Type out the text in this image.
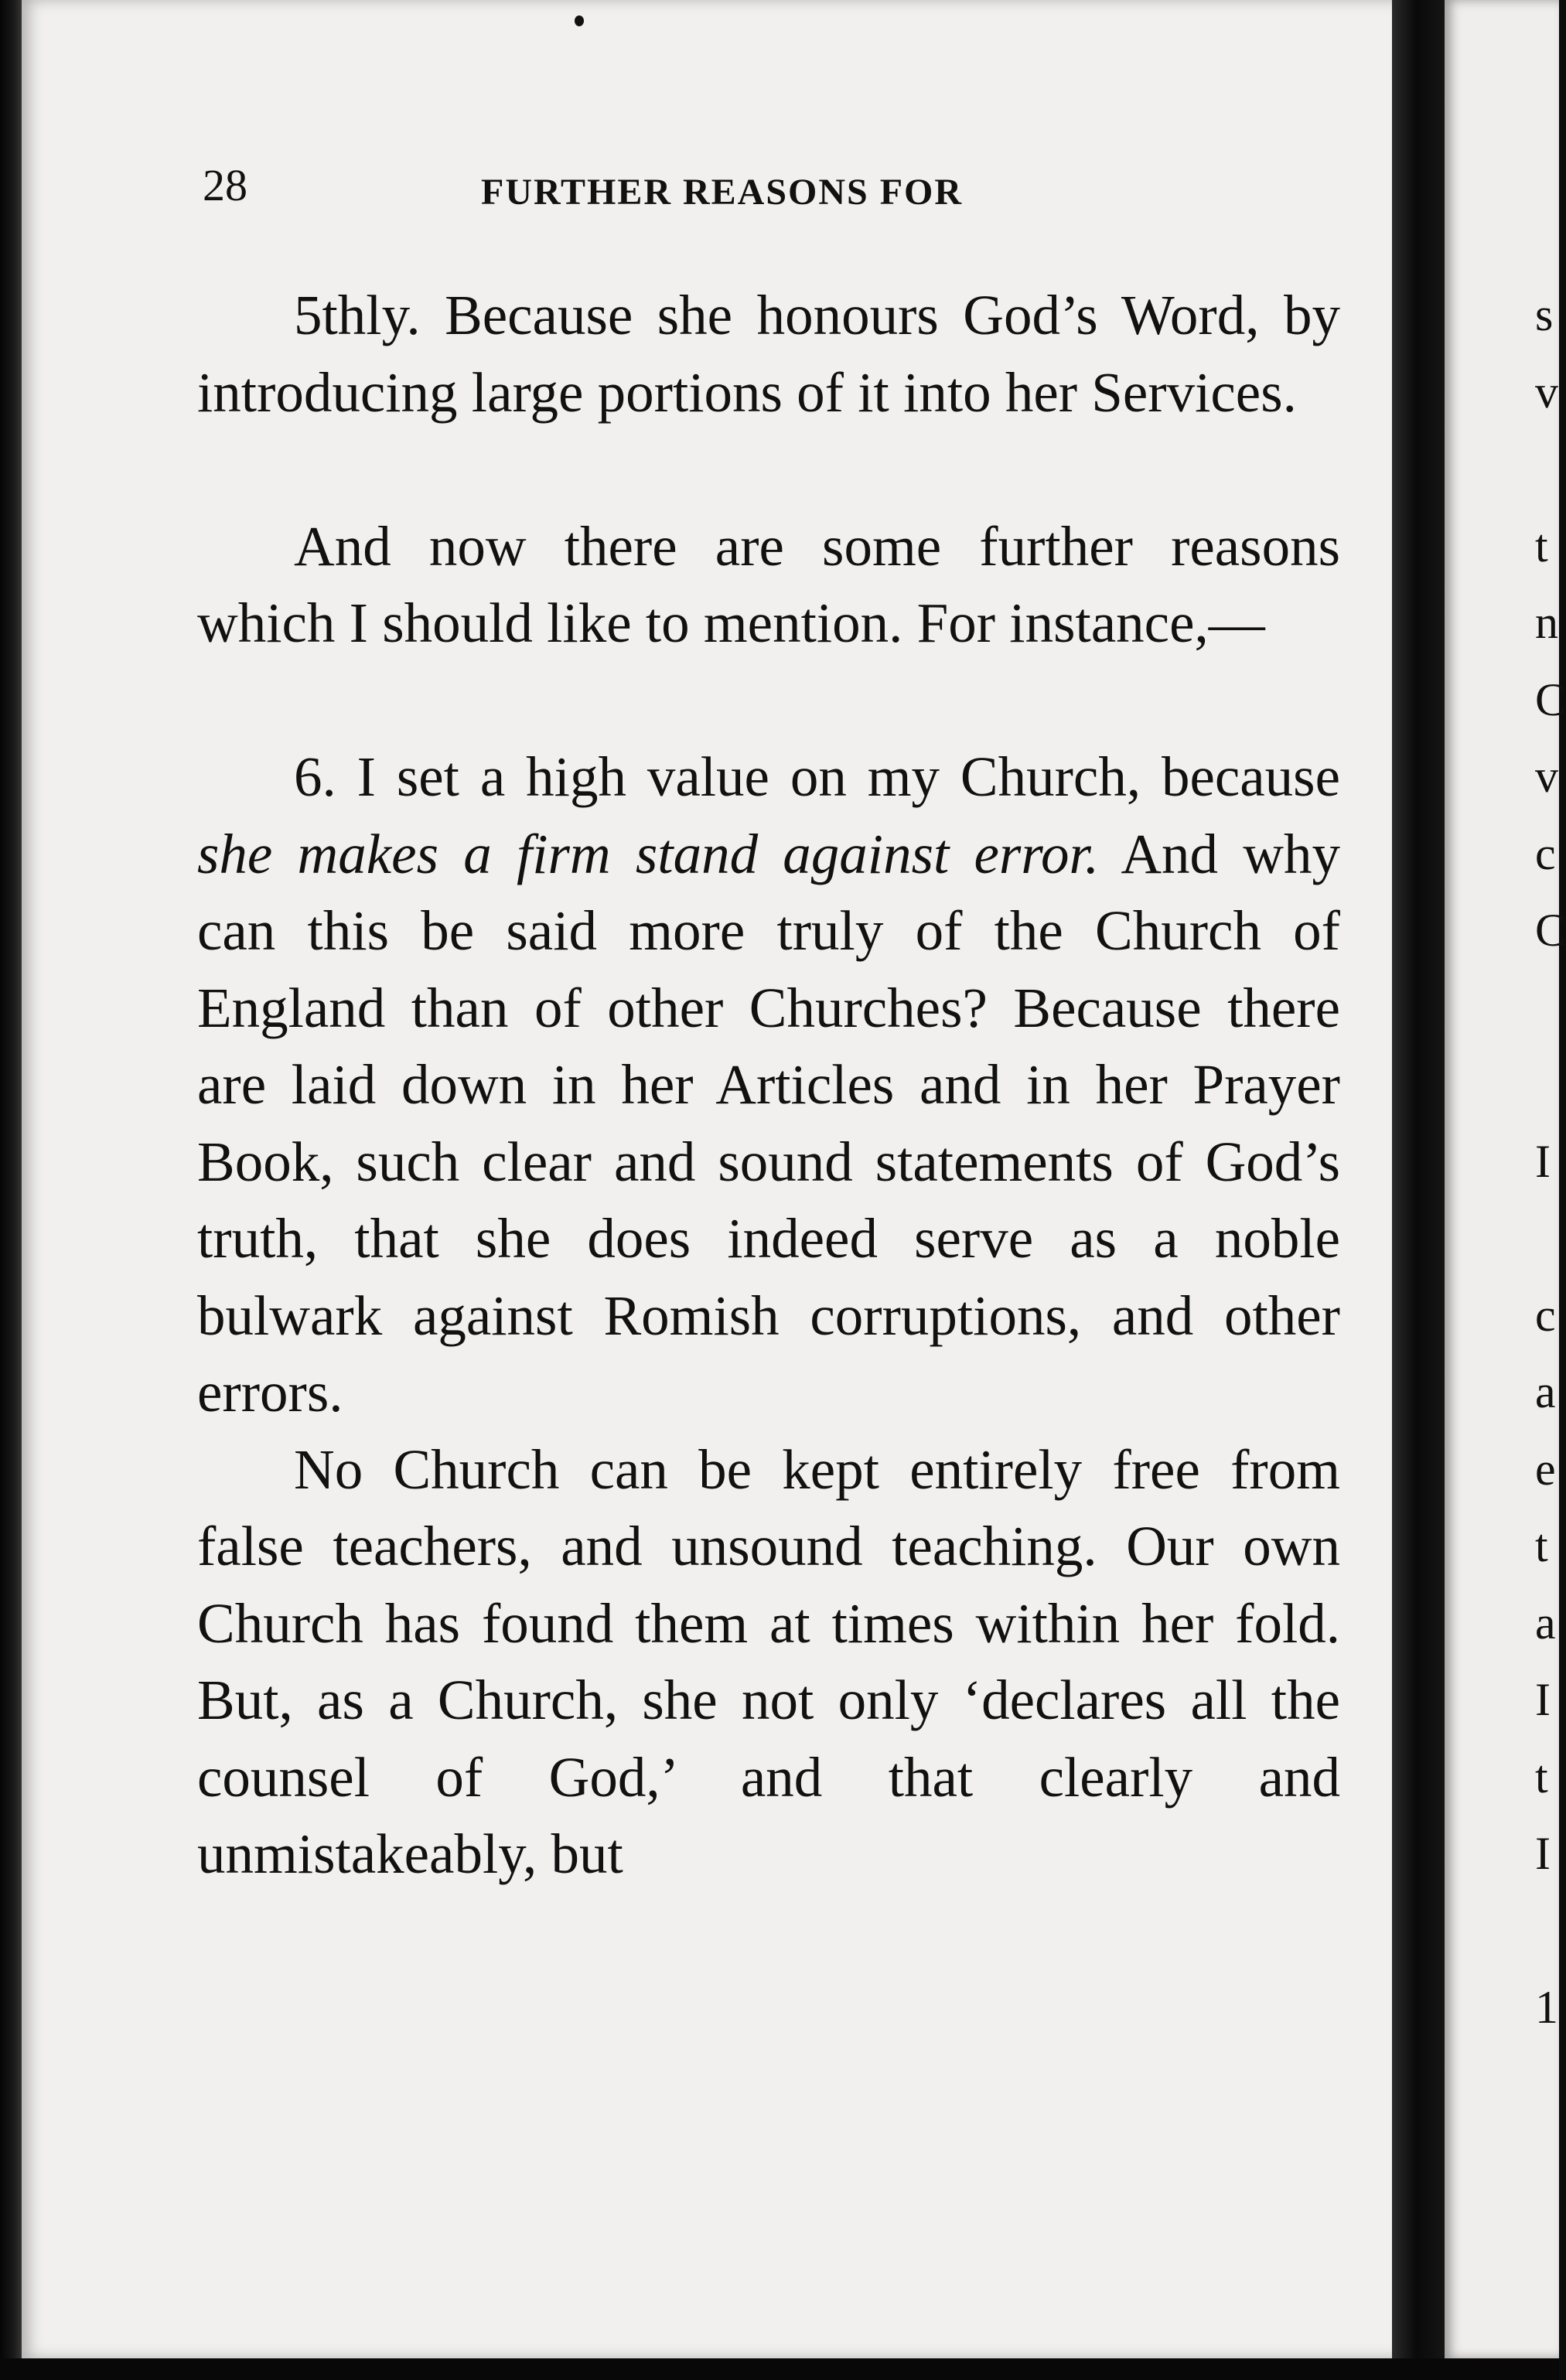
28	FURTHER REASONS FOR

5thly. Because she honours God’s Word, by introducing large portions of it into her Services.

And now there are some further reasons which I should like to mention. For instance,—

6. I set a high value on my Church, because she makes a firm stand against error. And why can this be said more truly of the Church of England than of other Churches? Because there are laid down in her Articles and in her Prayer Book, such clear and sound statements of God’s truth, that she does indeed serve as a noble bulwark against Romish corruptions, and other errors.

No Church can be kept entirely free from false teachers, and unsound teaching. Our own Church has found them at times within her fold. But, as a Church, she not only ‘declares all the counsel of God,’ and that clearly and unmistakeably, but

s
v
t
n
C
v
c
C
I
c
a
e
t
a
I
t
I
1
